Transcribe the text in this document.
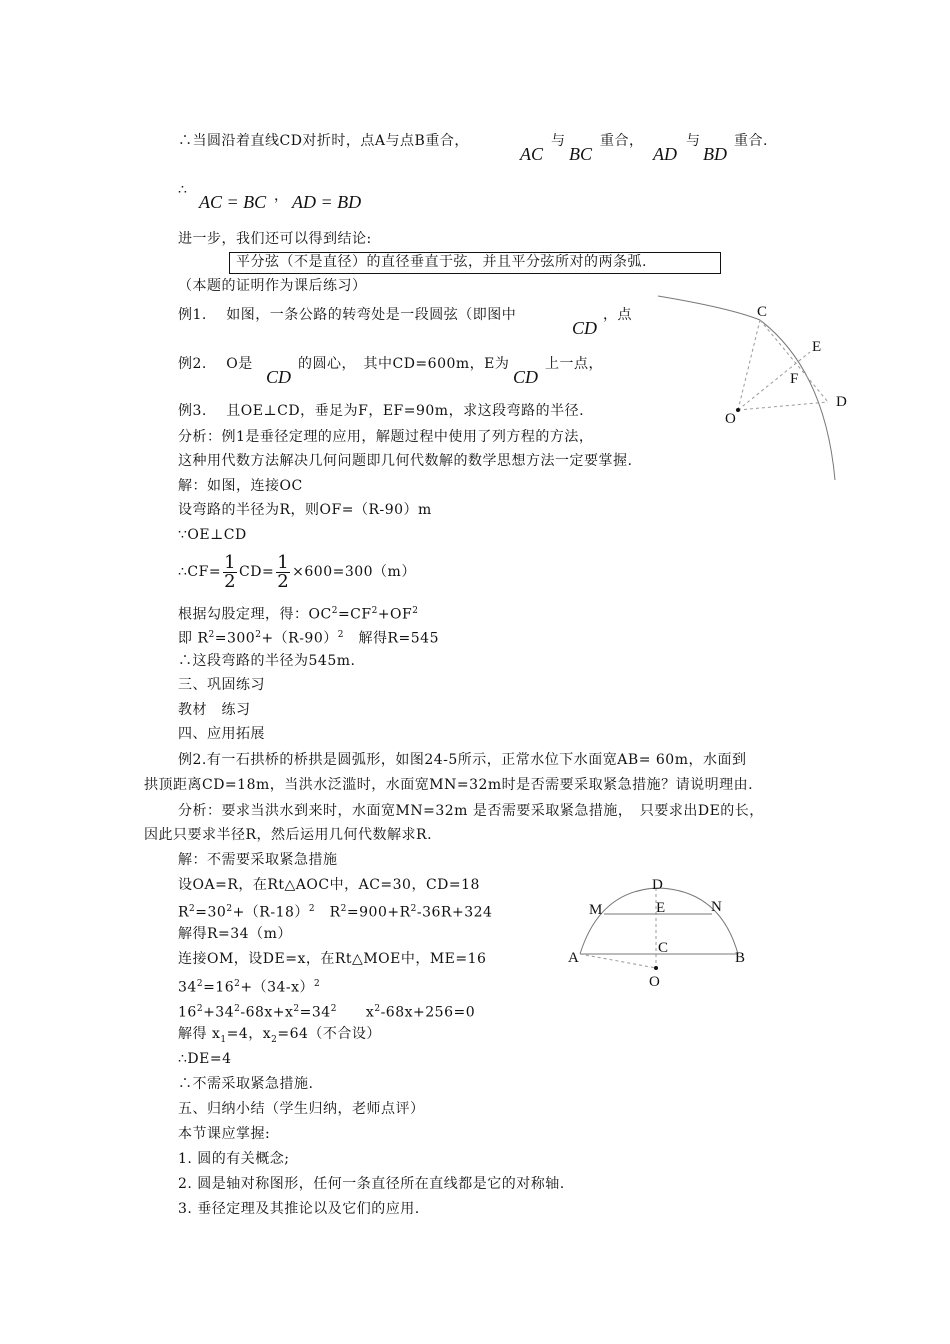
∴当圆沿着直线CD对折时，点A与点B重合，
AC
与
BC
重合，
AD
与
BD
重合.
∴
AC = BC ， AD = BD
进一步，我们还可以得到结论:
平分弦（不是直径）的直径垂直于弦，并且平分弦所对的两条弧.
（本题的证明作为课后练习）
例1.　 如图，一条公路的转弯处是一段圆弦（即图中
CD
，点
例2.　 O是
CD
的圆心，　其中CD=600m，E为
CD
上一点，
例3.　 且OE⊥CD，垂足为F，EF=90m，求这段弯路的半径.
分析：例1是垂径定理的应用，解题过程中使用了列方程的方法，
这种用代数方法解决几何问题即几何代数解的数学思想方法一定要掌握.
解：如图，连接OC
设弯路的半径为R，则OF=（R-90）m
∵OE⊥CD
∴CF= $\frac{1}{2} CD= \frac{1}{2} \times 600=300(m)$
根据勾股定理，得：$OC^2=CF^2+OF^2$
即 $R^2=300^2+(R-90)^2$　解得R=545
∴这段弯路的半径为545m.
三、巩固练习
教材　练习
四、应用拓展
例2.有一石拱桥的桥拱是圆弧形，如图24-5所示，正常水位下水面宽AB= 60m，水面到
拱顶距离CD=18m，当洪水泛滥时，水面宽MN=32m时是否需要采取紧急措施？请说明理由.
分析：要求当洪水到来时，水面宽MN=32m 是否需要采取紧急措施，　只要求出DE的长，
因此只要求半径R，然后运用几何代数解求R.
解：不需要采取紧急措施
设OA=R，在Rt△AOC中，AC=30，CD=18
$R^2=30^2+(R-18)^2$　$R^2=900+R^2-36R+324$
解得R=34（m）
连接OM，设DE=x，在Rt△MOE中，ME=16
$34^2=16^2+(34-x)^2$
$16^2+34^2-68x+x^2=34^2$　　$x^2-68x+256=0$
解得 $x_1=4$，$x_2=64$（不合设）
∴DE=4
∴不需采取紧急措施.
五、归纳小结（学生归纳，老师点评）
本节课应掌握:
1. 圆的有关概念;
2. 圆是轴对称图形，任何一条直径所在直线都是它的对称轴.
3. 垂径定理及其推论以及它们的应用.
C
E
F
O
D
D
M	E	N
C
A	B
O
